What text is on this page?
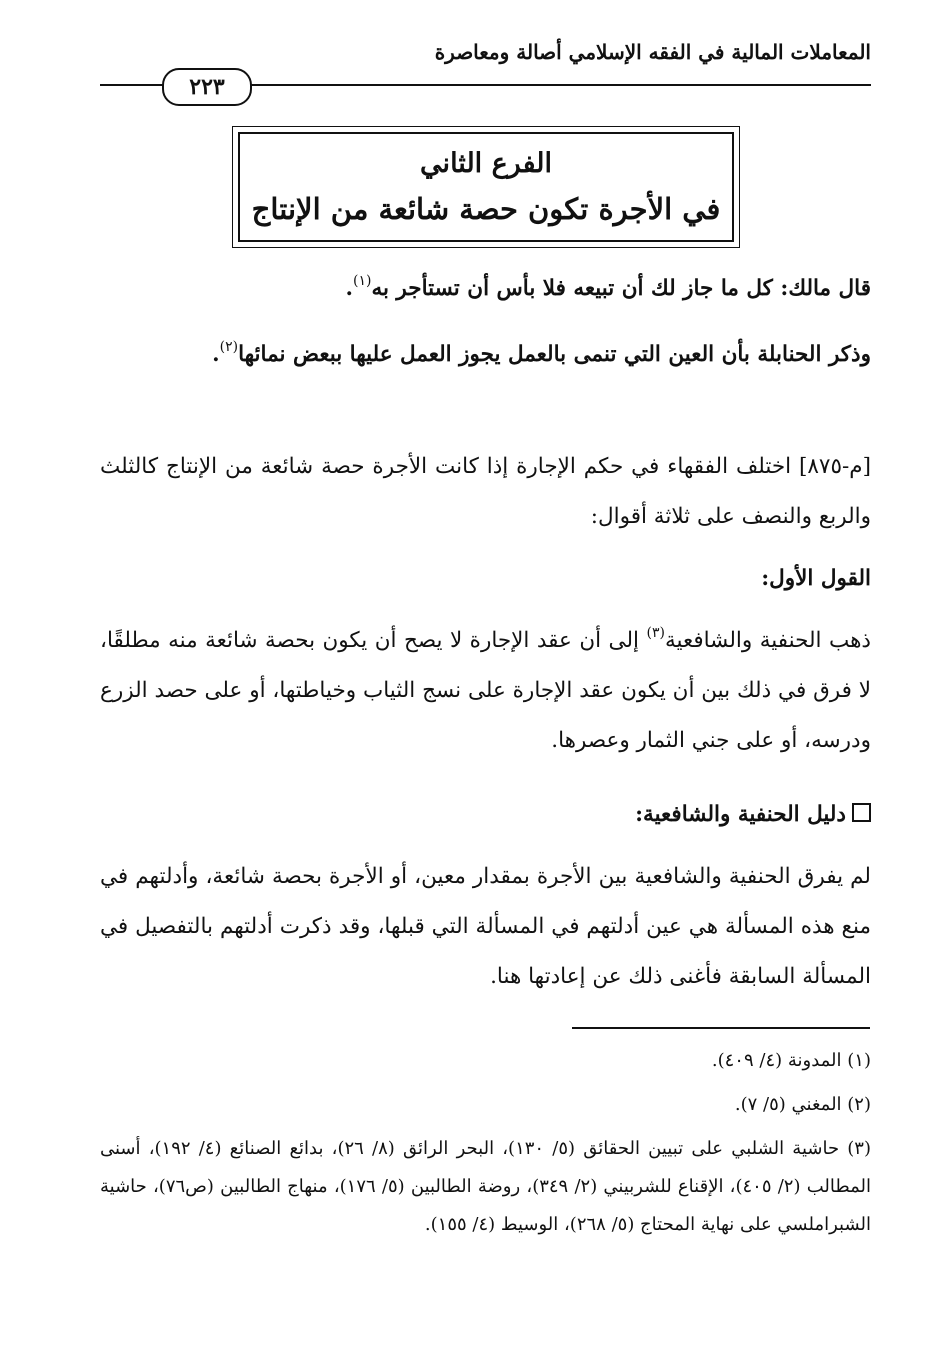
المعاملات المالية في الفقه الإسلامي أصالة ومعاصرة
٢٢٣
الفرع الثاني
في الأجرة تكون حصة شائعة من الإنتاج
قال مالك: كل ما جاز لك أن تبيعه فلا بأس أن تستأجر به$^{(١)}$.
وذكر الحنابلة بأن العين التي تنمى بالعمل يجوز العمل عليها ببعض نمائها$^{(٢)}$.
[م-٨٧٥] اختلف الفقهاء في حكم الإجارة إذا كانت الأجرة حصة شائعة من الإنتاج كالثلث والربع والنصف على ثلاثة أقوال:
القول الأول:
ذهب الحنفية والشافعية$^{(٣)}$ إلى أن عقد الإجارة لا يصح أن يكون بحصة شائعة منه مطلقًا، لا فرق في ذلك بين أن يكون عقد الإجارة على نسج الثياب وخياطتها، أو على حصد الزرع ودرسه، أو على جني الثمار وعصرها.
دليل الحنفية والشافعية:
لم يفرق الحنفية والشافعية بين الأجرة بمقدار معين، أو الأجرة بحصة شائعة، وأدلتهم في منع هذه المسألة هي عين أدلتهم في المسألة التي قبلها، وقد ذكرت أدلتهم بالتفصيل في المسألة السابقة فأغنى ذلك عن إعادتها هنا.
(١) المدونة (٤/ ٤٠٩).
(٢) المغني (٥/ ٧).
(٣) حاشية الشلبي على تبيين الحقائق (٥/ ١٣٠)، البحر الرائق (٨/ ٢٦)، بدائع الصنائع (٤/ ١٩٢)، أسنى المطالب (٢/ ٤٠٥)، الإقناع للشربيني (٢/ ٣٤٩)، روضة الطالبين (٥/ ١٧٦)، منهاج الطالبين (ص٧٦)، حاشية الشبراملسي على نهاية المحتاج (٥/ ٢٦٨)، الوسيط (٤/ ١٥٥).
